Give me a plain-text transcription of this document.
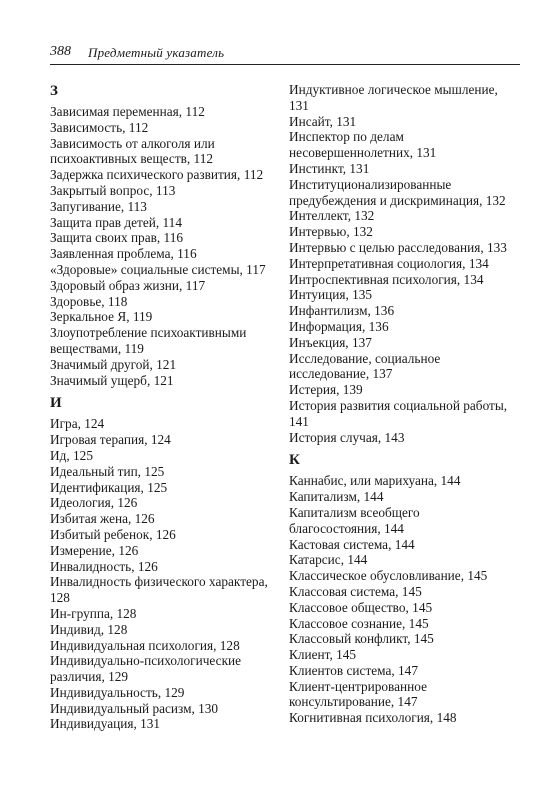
388 Предметный указатель
З
Зависимая переменная, 112
Зависимость, 112
Зависимость от алкоголя или психоактивных веществ, 112
Задержка психического развития, 112
Закрытый вопрос, 113
Запугивание, 113
Защита прав детей, 114
Защита своих прав, 116
Заявленная проблема, 116
«Здоровые» социальные системы, 117
Здоровый образ жизни, 117
Здоровье, 118
Зеркальное Я, 119
Злоупотребление психоактивными веществами, 119
Значимый другой, 121
Значимый ущерб, 121
И
Игра, 124
Игровая терапия, 124
Ид, 125
Идеальный тип, 125
Идентификация, 125
Идеология, 126
Избитая жена, 126
Избитый ребенок, 126
Измерение, 126
Инвалидность, 126
Инвалидность физического характера, 128
Ин-группа, 128
Индивид, 128
Индивидуальная психология, 128
Индивидуально-психологические различия, 129
Индивидуальность, 129
Индивидуальный расизм, 130
Индивидуация, 131
Индуктивное логическое мышление, 131
Инсайт, 131
Инспектор по делам несовершеннолетних, 131
Инстинкт, 131
Институционализированные предубеждения и дискриминация, 132
Интеллект, 132
Интервью, 132
Интервью с целью расследования, 133
Интерпретативная социология, 134
Интроспективная психология, 134
Интуиция, 135
Инфантилизм, 136
Информация, 136
Инъекция, 137
Исследование, социальное исследование, 137
Истерия, 139
История развития социальной работы, 141
История случая, 143
К
Каннабис, или марихуана, 144
Капитализм, 144
Капитализм всеобщего благосостояния, 144
Кастовая система, 144
Катарсис, 144
Классическое обусловливание, 145
Классовая система, 145
Классовое общество, 145
Классовое сознание, 145
Классовый конфликт, 145
Клиент, 145
Клиентов система, 147
Клиент-центрированное консультирование, 147
Когнитивная психология, 148
